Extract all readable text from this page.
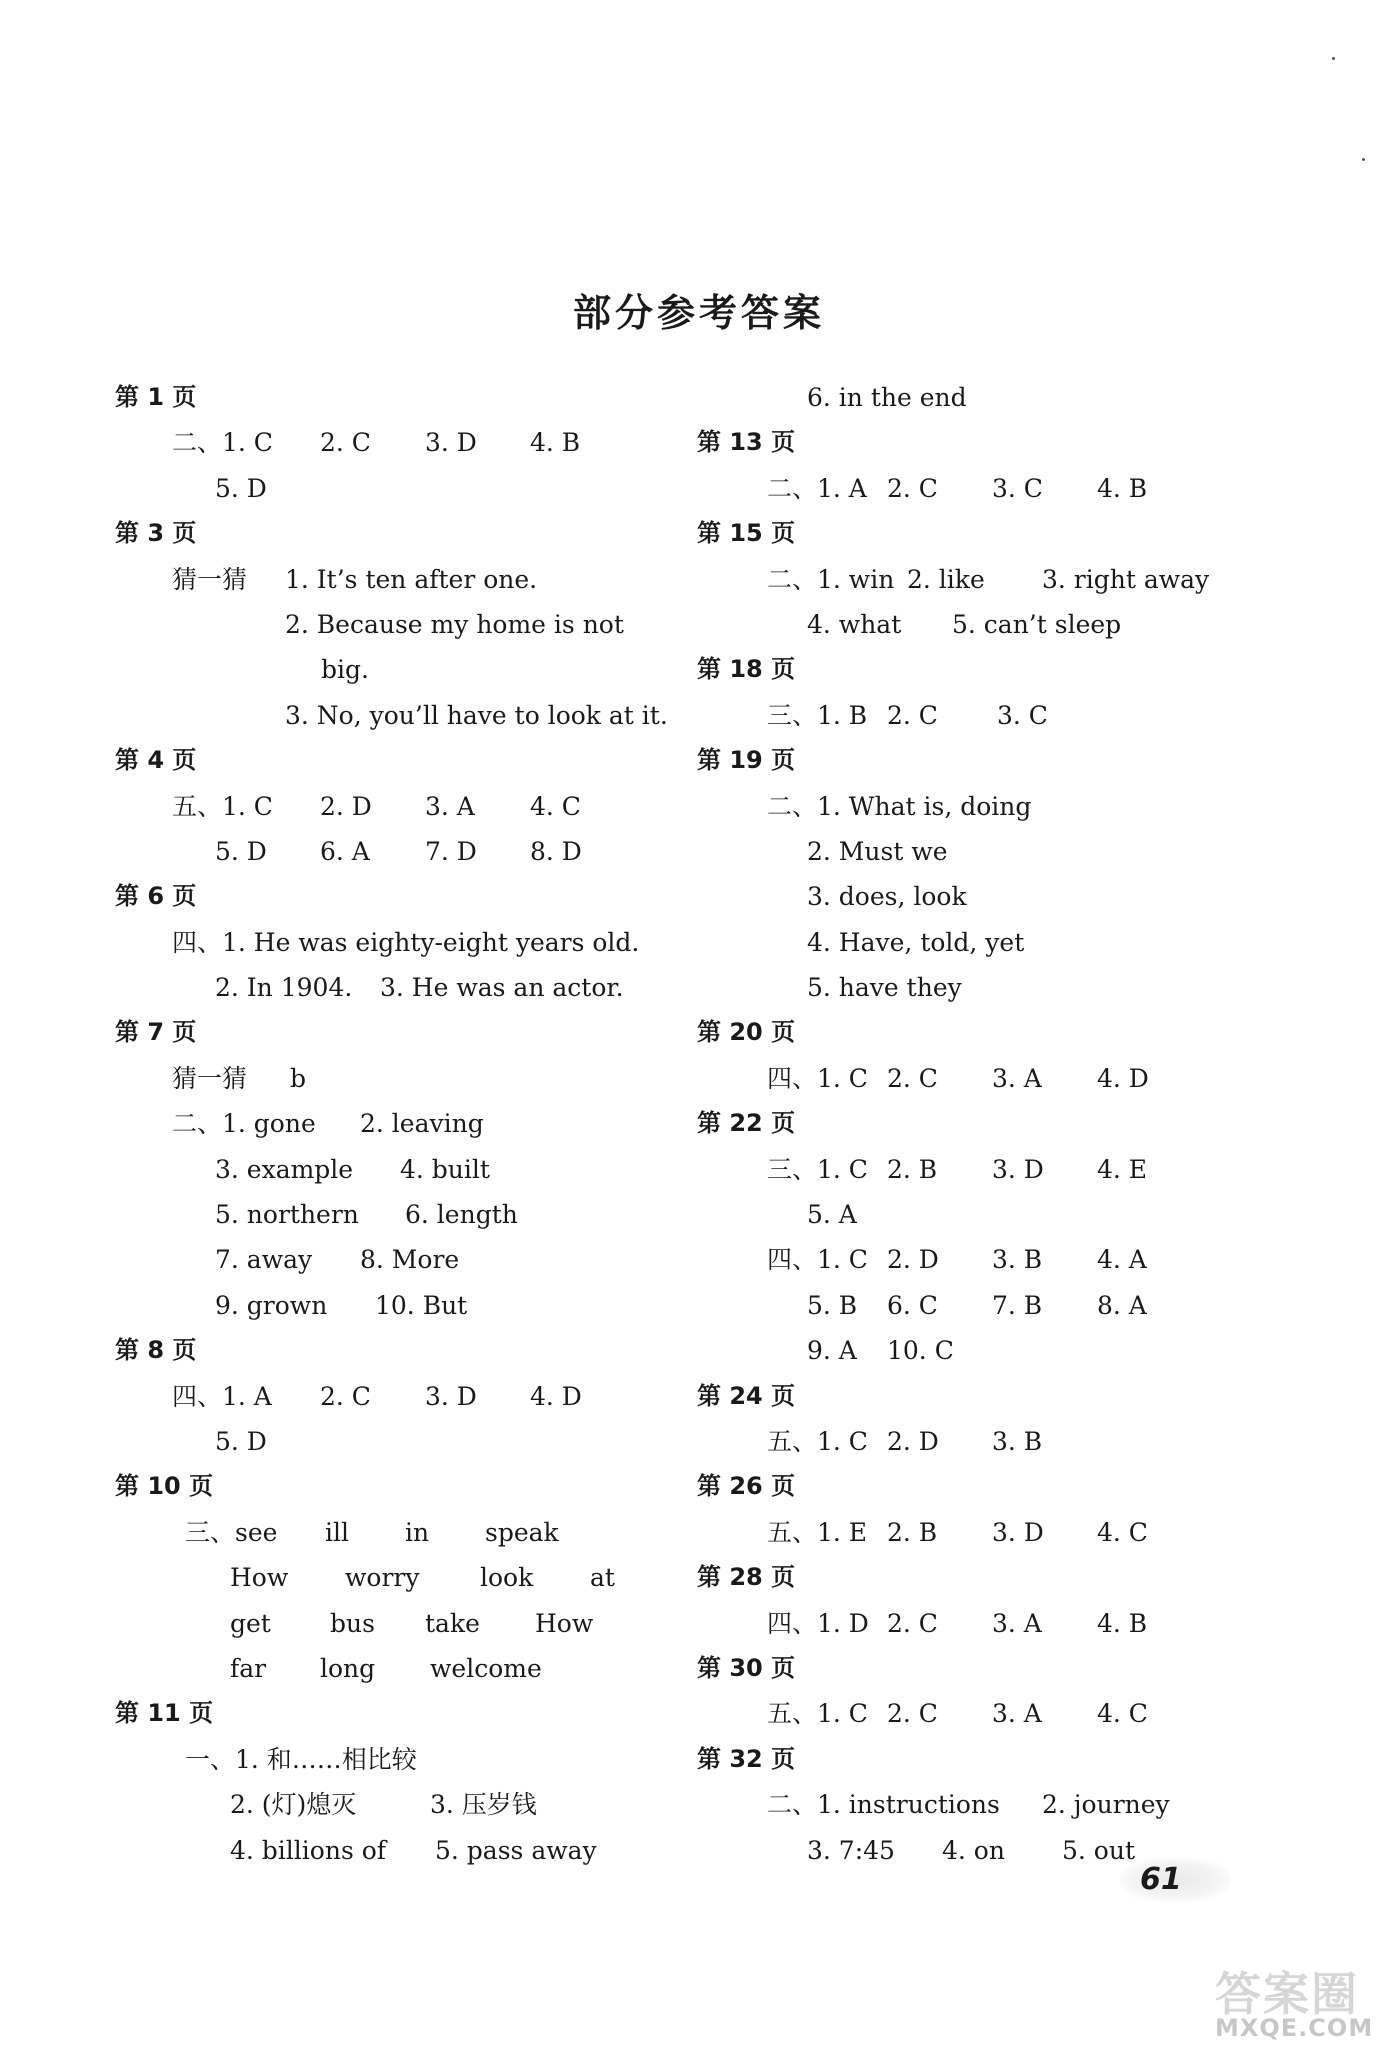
部分参考答案
第 1 页
二、1. C 2. C 3. D 4. B
5. D
第 3 页
猜一猜 1. It’s ten after one.
2. Because my home is not
big.
3. No, you’ll have to look at it.
第 4 页
五、1. C 2. D 3. A 4. C
5. D 6. A 7. D 8. D
第 6 页
四、1. He was eighty-eight years old.
2. In 1904. 3. He was an actor.
第 7 页
猜一猜 b
二、1. gone 2. leaving
3. example 4. built
5. northern 6. length
7. away 8. More
9. grown 10. But
第 8 页
四、1. A 2. C 3. D 4. D
5. D
第 10 页
三、see ill in speak
How worry look at
get bus take How
far long welcome
第 11 页
一、1. 和……相比较
2. (灯)熄灭	3. 压岁钱
4. billions of 5. pass away
6. in the end
第 13 页
二、1. A 2. C 3. C 4. B
第 15 页
二、1. win 2. like 3. right away
4. what 5. can’t sleep
第 18 页
三、1. B 2. C 3. C
第 19 页
二、1. What is, doing
2. Must we
3. does, look
4. Have, told, yet
5. have they
第 20 页
四、1. C 2. C 3. A 4. D
第 22 页
三、1. C 2. B 3. D 4. E
5. A
四、1. C 2. D 3. B 4. A
5. B 6. C 7. B 8. A
9. A 10. C
第 24 页
五、1. C 2. D 3. B
第 26 页
五、1. E 2. B 3. D 4. C
第 28 页
四、1. D 2. C 3. A 4. B
第 30 页
五、1. C 2. C 3. A 4. C
第 32 页
二、1. instructions 2. journey
3. 7:45 4. on 5. out
61
答案圈
MXQE.COM
